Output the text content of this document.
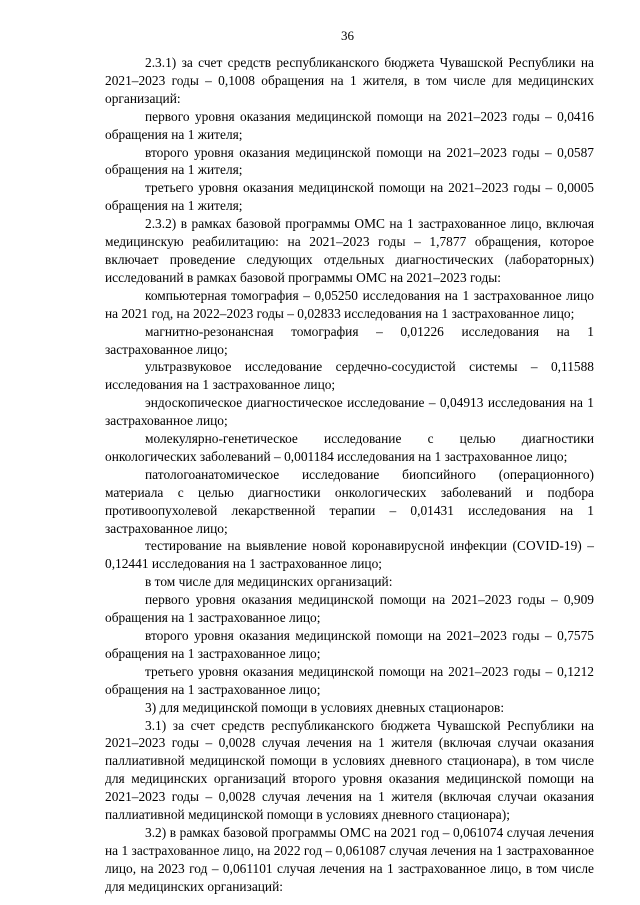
36

2.3.1) за счет средств республиканского бюджета Чувашской Республики на 2021–2023 годы – 0,1008 обращения на 1 жителя, в том числе для медицинских организаций:

первого уровня оказания медицинской помощи на 2021–2023 годы – 0,0416 обращения на 1 жителя;

второго уровня оказания медицинской помощи на 2021–2023 годы – 0,0587 обращения на 1 жителя;

третьего уровня оказания медицинской помощи на 2021–2023 годы – 0,0005 обращения на 1 жителя;

2.3.2) в рамках базовой программы ОМС на 1 застрахованное лицо, включая медицинскую реабилитацию: на 2021–2023 годы – 1,7877 обращения, которое включает проведение следующих отдельных диагностических (лабораторных) исследований в рамках базовой программы ОМС на 2021–2023 годы:

компьютерная томография – 0,05250 исследования на 1 застрахованное лицо на 2021 год, на 2022–2023 годы – 0,02833 исследования на 1 застрахованное лицо;

магнитно-резонансная томография – 0,01226 исследования на 1 застрахованное лицо;

ультразвуковое исследование сердечно-сосудистой системы – 0,11588 исследования на 1 застрахованное лицо;

эндоскопическое диагностическое исследование – 0,04913 исследования на 1 застрахованное лицо;

молекулярно-генетическое исследование с целью диагностики онкологических заболеваний – 0,001184 исследования на 1 застрахованное лицо;

патологоанатомическое исследование биопсийного (операционного) материала с целью диагностики онкологических заболеваний и подбора противоопухолевой лекарственной терапии – 0,01431 исследования на 1 застрахованное лицо;

тестирование на выявление новой коронавирусной инфекции (COVID-19) – 0,12441 исследования на 1 застрахованное лицо;

в том числе для медицинских организаций:

первого уровня оказания медицинской помощи на 2021–2023 годы – 0,909 обращения на 1 застрахованное лицо;

второго уровня оказания медицинской помощи на 2021–2023 годы – 0,7575 обращения на 1 застрахованное лицо;

третьего уровня оказания медицинской помощи на 2021–2023 годы – 0,1212 обращения на 1 застрахованное лицо;

3) для медицинской помощи в условиях дневных стационаров:

3.1) за счет средств республиканского бюджета Чувашской Республики на 2021–2023 годы – 0,0028 случая лечения на 1 жителя (включая случаи оказания паллиативной медицинской помощи в условиях дневного стационара), в том числе для медицинских организаций второго уровня оказания медицинской помощи на 2021–2023 годы – 0,0028 случая лечения на 1 жителя (включая случаи оказания паллиативной медицинской помощи в условиях дневного стационара);

3.2) в рамках базовой программы ОМС на 2021 год – 0,061074 случая лечения на 1 застрахованное лицо, на 2022 год – 0,061087 случая лечения на 1 застрахованное лицо, на 2023 год – 0,061101 случая лечения на 1 застрахованное лицо, в том числе для медицинских организаций:
